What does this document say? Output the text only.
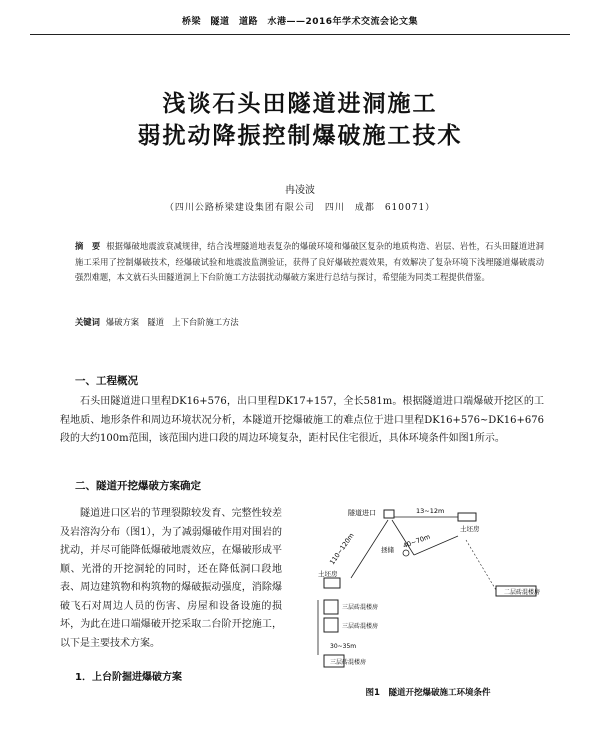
桥梁　隧道　道路　水港——2016年学术交流会论文集
浅谈石头田隧道进洞施工
弱扰动降振控制爆破施工技术
冉凌波
（四川公路桥梁建设集团有限公司　四川　成都　610071）
摘　要 根据爆破地震波衰减规律，结合浅埋隧道地表复杂的爆破环境和爆破区复杂的地质构造、岩层、岩性，石头田隧道进洞施工采用了控制爆破技术，经爆破试验和地震波监测验证，获得了良好爆破控震效果，有效解决了复杂环境下浅埋隧道爆破震动强烈难题，本文就石头田隧道洞上下台阶施工方法弱扰动爆破方案进行总结与探讨，希望能为同类工程提供借鉴。
关键词 爆破方案　隧道　上下台阶施工方法
一、工程概况
石头田隧道进口里程DK16+576，出口里程DK17+157，全长581m。根据隧道进口端爆破开挖区的工程地质、地形条件和周边环境状况分析，本隧道开挖爆破施工的难点位于进口里程DK16+576~DK16+676段的大约100m范围，该范围内进口段的周边环境复杂，距村民住宅很近，具体环境条件如图1所示。
二、隧道开挖爆破方案确定
隧道进口区岩的节理裂隙较发育、完整性较差及岩溶沟分布（图1），为了减弱爆破作用对围岩的扰动，并尽可能降低爆破地震效应，在爆破形成平顺、光滑的开挖洞轮的同时，还在降低洞口段地表、周边建筑物和构筑物的爆破振动强度，消除爆破飞石对周边人员的伤害、房屋和设备设施的损坏，为此在进口端爆破开挖采取二台阶开挖施工，以下是主要技术方案。
1．上台阶掘进爆破方案
隧道进口	13~12m
土坯房
40~70m
拯储
110~120m
土坯房
三层砖混楼房
三层砖混楼房
30~35m
三层砖混楼房
二层砖混楼房
图1　隧道开挖爆破施工环境条件
